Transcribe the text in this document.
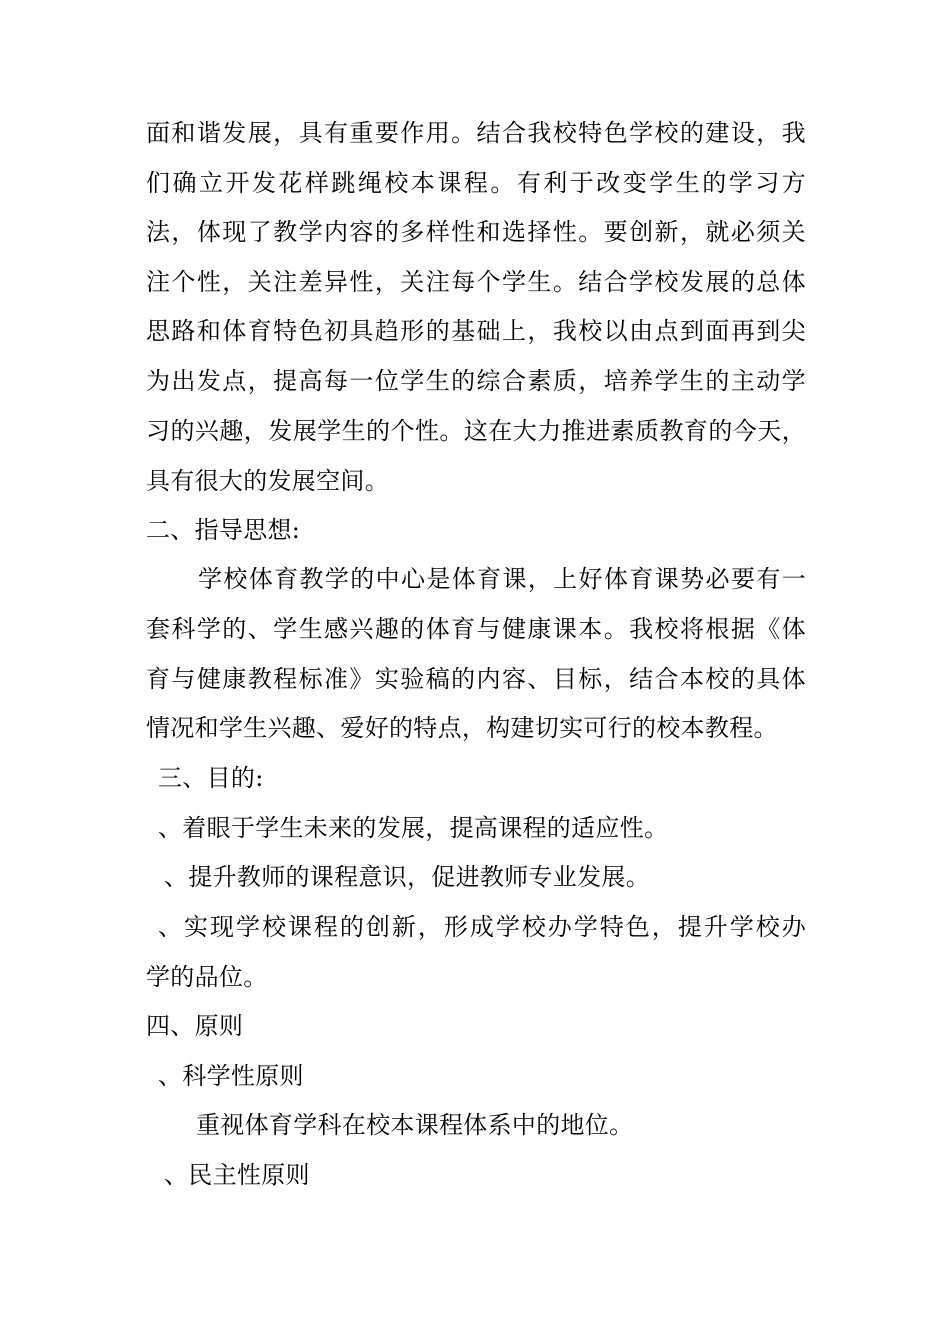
面和谐发展，具有重要作用。结合我校特色学校的建设，我
们确立开发花样跳绳校本课程。有利于改变学生的学习方
法，体现了教学内容的多样性和选择性。要创新，就必须关
注个性，关注差异性，关注每个学生。结合学校发展的总体
思路和体育特色初具趋形的基础上，我校以由点到面再到尖
为出发点，提高每一位学生的综合素质，培养学生的主动学
习的兴趣，发展学生的个性。这在大力推进素质教育的今天，
具有很大的发展空间。
二、指导思想:
学校体育教学的中心是体育课，上好体育课势必要有一
套科学的、学生感兴趣的体育与健康课本。我校将根据《体
育与健康教程标准》实验稿的内容、目标，结合本校的具体
情况和学生兴趣、爱好的特点，构建切实可行的校本教程。
三、目的:
、着眼于学生未来的发展，提高课程的适应性。
、提升教师的课程意识，促进教师专业发展。
、实现学校课程的创新，形成学校办学特色，提升学校办
学的品位。
四、原则
、科学性原则
重视体育学科在校本课程体系中的地位。
、民主性原则
